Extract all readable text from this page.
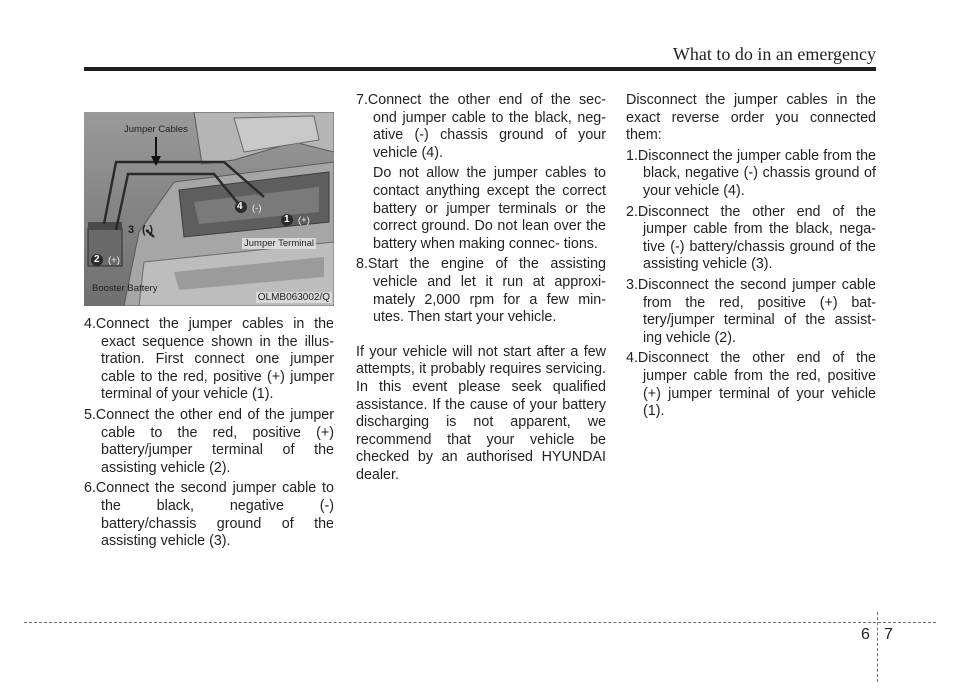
What to do in an emergency
Jumper Cables
Jumper Terminal
Booster Battery
OLMB063002/Q
4
1
2
3 (-)
(-)
(+)
(+)

4.Connect the jumper cables in the exact sequence shown in the illus- tration. First connect one jumper cable to the red, positive (+) jumper terminal of your vehicle (1).

5.Connect the other end of the jumper cable to the red, positive (+) battery/jumper terminal of the assisting vehicle (2).

6.Connect the second jumper cable to the black, negative (-) battery/chassis ground of the assisting vehicle (3).

7.Connect the other end of the sec- ond jumper cable to the black, neg- ative (-) chassis ground of your vehicle (4).

Do not allow the jumper cables to contact anything except the correct battery or jumper terminals or the correct ground. Do not lean over the battery when making connec- tions.

8.Start the engine of the assisting vehicle and let it run at approxi- mately 2,000 rpm for a few min- utes. Then start your vehicle.

If your vehicle will not start after a few attempts, it probably requires servicing. In this event please seek qualified assistance. If the cause of your battery discharging is not apparent, we recommend that your vehicle be checked by an authorised HYUNDAI dealer.

Disconnect the jumper cables in the exact reverse order you connected them:

1.Disconnect the jumper cable from the black, negative (-) chassis ground of your vehicle (4).

2.Disconnect the other end of the jumper cable from the black, nega- tive (-) battery/chassis ground of the assisting vehicle (3).

3.Disconnect the second jumper cable from the red, positive (+) bat- tery/jumper terminal of the assist- ing vehicle (2).

4.Disconnect the other end of the jumper cable from the red, positive (+) jumper terminal of your vehicle (1).

6 7
